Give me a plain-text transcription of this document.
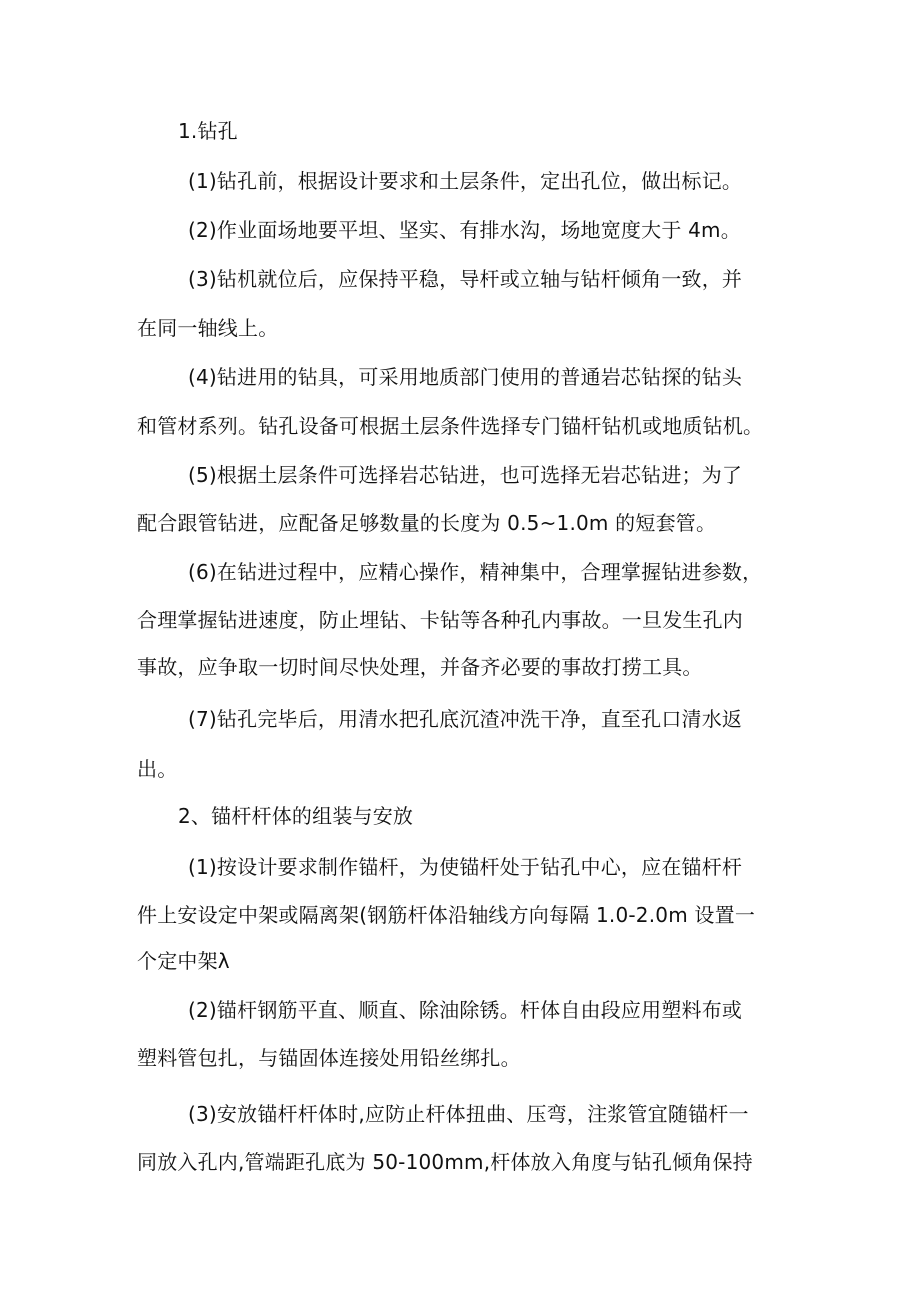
1.钻孔
(1)钻孔前，根据设计要求和土层条件，定出孔位，做出标记。
(2)作业面场地要平坦、坚实、有排水沟，场地宽度大于 4m。
(3)钻机就位后，应保持平稳，导杆或立轴与钻杆倾角一致，并
在同一轴线上。
(4)钻进用的钻具，可采用地质部门使用的普通岩芯钻探的钻头
和管材系列。钻孔设备可根据土层条件选择专门锚杆钻机或地质钻机。
(5)根据土层条件可选择岩芯钻进，也可选择无岩芯钻进；为了
配合跟管钻进，应配备足够数量的长度为 0.5~1.0m 的短套管。
(6)在钻进过程中，应精心操作，精神集中，合理掌握钻进参数，
合理掌握钻进速度，防止埋钻、卡钻等各种孔内事故。一旦发生孔内
事故，应争取一切时间尽快处理，并备齐必要的事故打捞工具。
(7)钻孔完毕后，用清水把孔底沉渣冲洗干净，直至孔口清水返
出。
2、锚杆杆体的组装与安放
(1)按设计要求制作锚杆，为使锚杆处于钻孔中心，应在锚杆杆
件上安设定中架或隔离架(钢筋杆体沿轴线方向每隔 1.0-2.0m 设置一
个定中架λ
(2)锚杆钢筋平直、顺直、除油除锈。杆体自由段应用塑料布或
塑料管包扎，与锚固体连接处用铅丝绑扎。
(3)安放锚杆杆体时,应防止杆体扭曲、压弯，注浆管宜随锚杆一
同放入孔内,管端距孔底为 50-100mm,杆体放入角度与钻孔倾角保持
